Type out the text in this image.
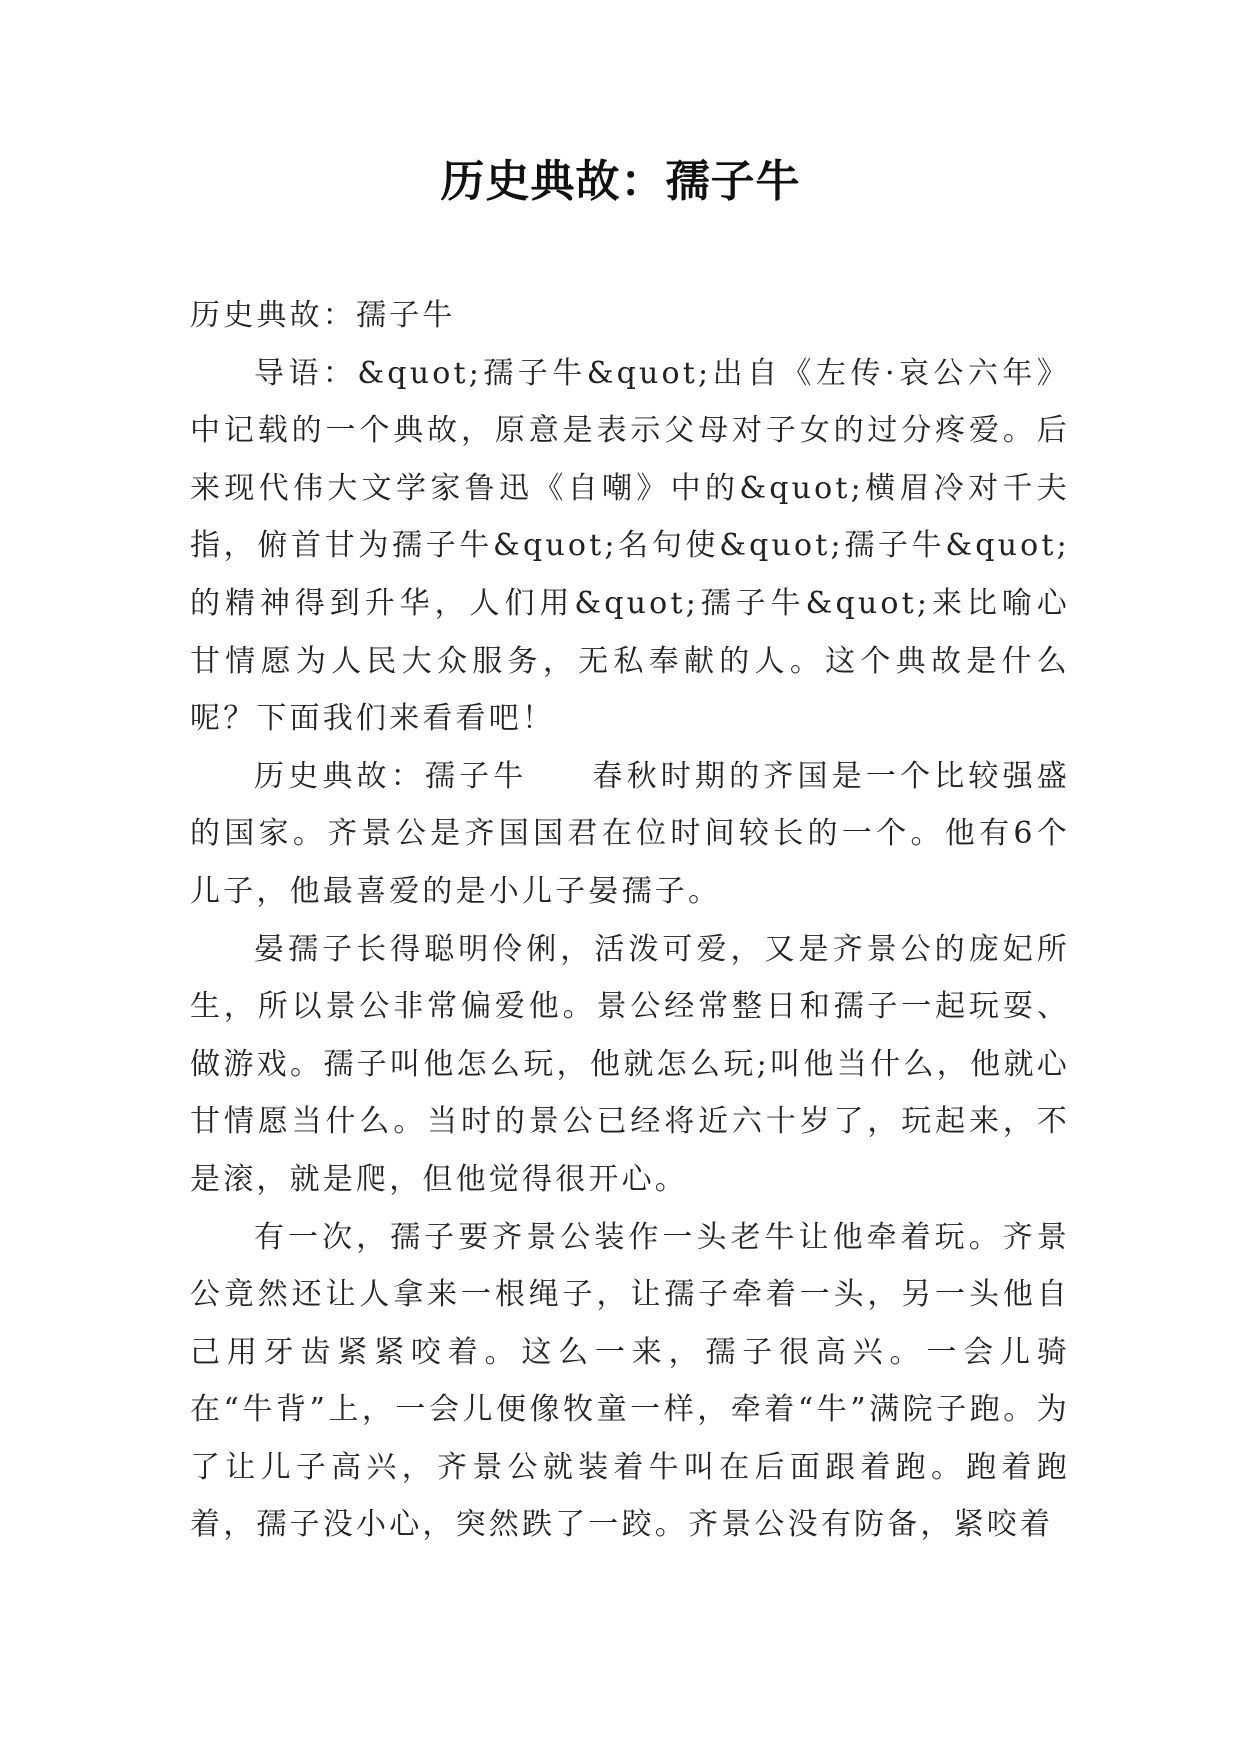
历史典故：孺子牛

历史典故：孺子牛

导语：&quot;孺子牛&quot;出自《左传·哀公六年》中记载的一个典故，原意是表示父母对子女的过分疼爱。后来现代伟大文学家鲁迅《自嘲》中的&quot;横眉冷对千夫指，俯首甘为孺子牛&quot;名句使&quot;孺子牛&quot;的精神得到升华，人们用&quot;孺子牛&quot;来比喻心甘情愿为人民大众服务，无私奉献的人。这个典故是什么呢？下面我们来看看吧！

历史典故：孺子牛 春秋时期的齐国是一个比较强盛的国家。齐景公是齐国国君在位时间较长的一个。他有6个儿子，他最喜爱的是小儿子晏孺子。

晏孺子长得聪明伶俐，活泼可爱，又是齐景公的庞妃所生，所以景公非常偏爱他。景公经常整日和孺子一起玩耍、做游戏。孺子叫他怎么玩，他就怎么玩;叫他当什么，他就心甘情愿当什么。当时的景公已经将近六十岁了，玩起来，不是滚，就是爬，但他觉得很开心。

有一次，孺子要齐景公装作一头老牛让他牵着玩。齐景公竟然还让人拿来一根绳子，让孺子牵着一头，另一头他自己用牙齿紧紧咬着。这么一来，孺子很高兴。一会儿骑在“牛背”上，一会儿便像牧童一样，牵着“牛”满院子跑。为了让儿子高兴，齐景公就装着牛叫在后面跟着跑。跑着跑着，孺子没小心，突然跌了一跤。齐景公没有防备，紧咬着
